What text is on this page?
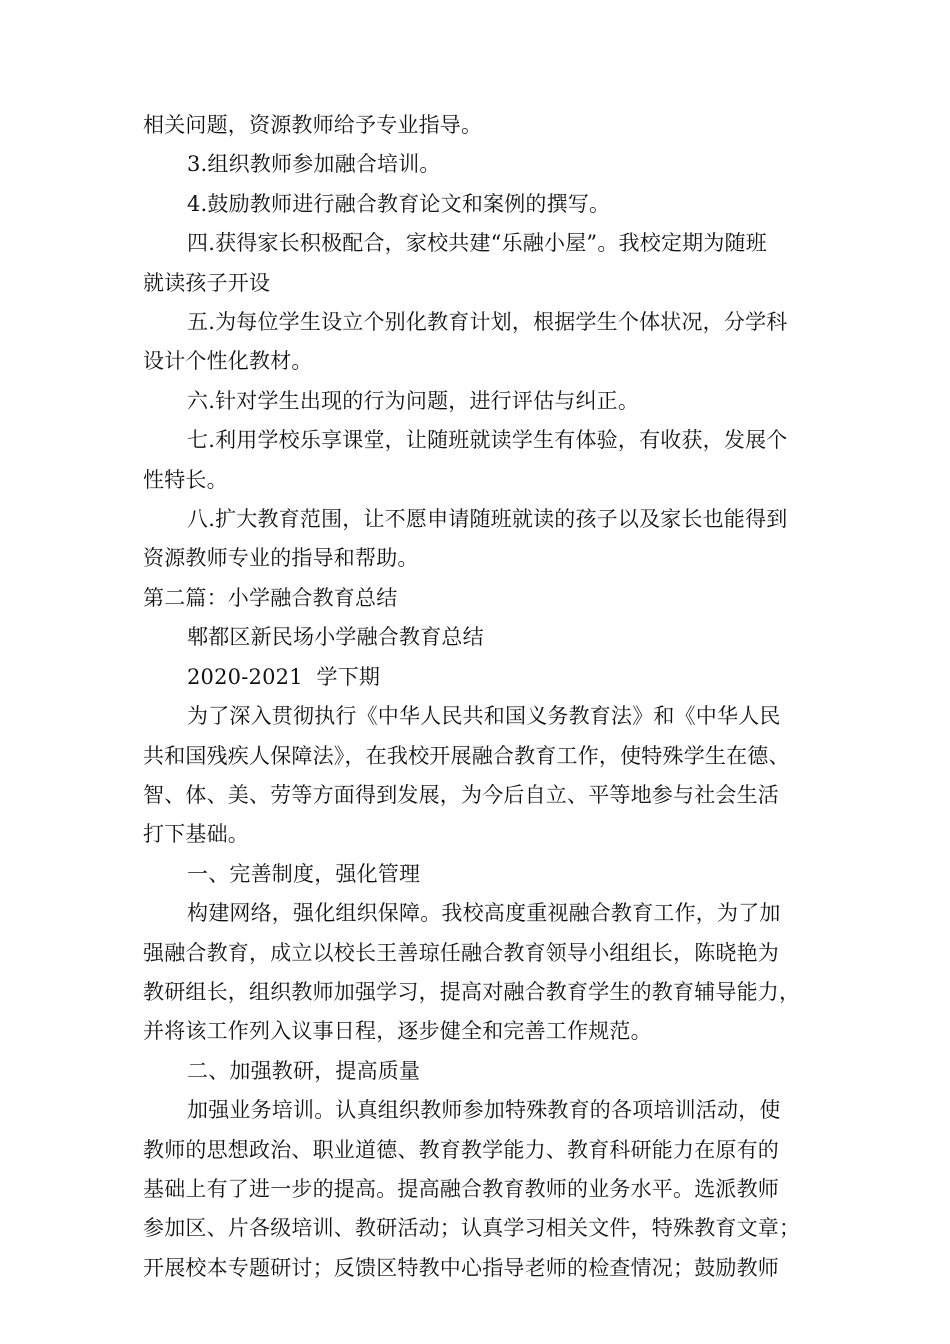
相关问题，资源教师给予专业指导。

3.组织教师参加融合培训。

4.鼓励教师进行融合教育论文和案例的撰写。

四.获得家长积极配合，家校共建“乐融小屋”。我校定期为随班

就读孩子开设

五.为每位学生设立个别化教育计划，根据学生个体状况，分学科

设计个性化教材。

六.针对学生出现的行为问题，进行评估与纠正。

七.利用学校乐享课堂，让随班就读学生有体验，有收获，发展个

性特长。

八.扩大教育范围，让不愿申请随班就读的孩子以及家长也能得到

资源教师专业的指导和帮助。

第二篇：小学融合教育总结

郫都区新民场小学融合教育总结

2020-2021  学下期

为了深入贯彻执行《中华人民共和国义务教育法》和《中华人民

共和国残疾人保障法》，在我校开展融合教育工作，使特殊学生在德、

智、体、美、劳等方面得到发展，为今后自立、平等地参与社会生活

打下基础。

一、完善制度，强化管理

构建网络，强化组织保障。我校高度重视融合教育工作，为了加

强融合教育，成立以校长王善琼任融合教育领导小组组长，陈晓艳为

教研组长，组织教师加强学习，提高对融合教育学生的教育辅导能力，

并将该工作列入议事日程，逐步健全和完善工作规范。

二、加强教研，提高质量

加强业务培训。认真组织教师参加特殊教育的各项培训活动，使

教师的思想政治、职业道德、教育教学能力、教育科研能力在原有的

基础上有了进一步的提高。提高融合教育教师的业务水平。选派教师

参加区、片各级培训、教研活动；认真学习相关文件，特殊教育文章；

开展校本专题研讨；反馈区特教中心指导老师的检查情况；鼓励教师
